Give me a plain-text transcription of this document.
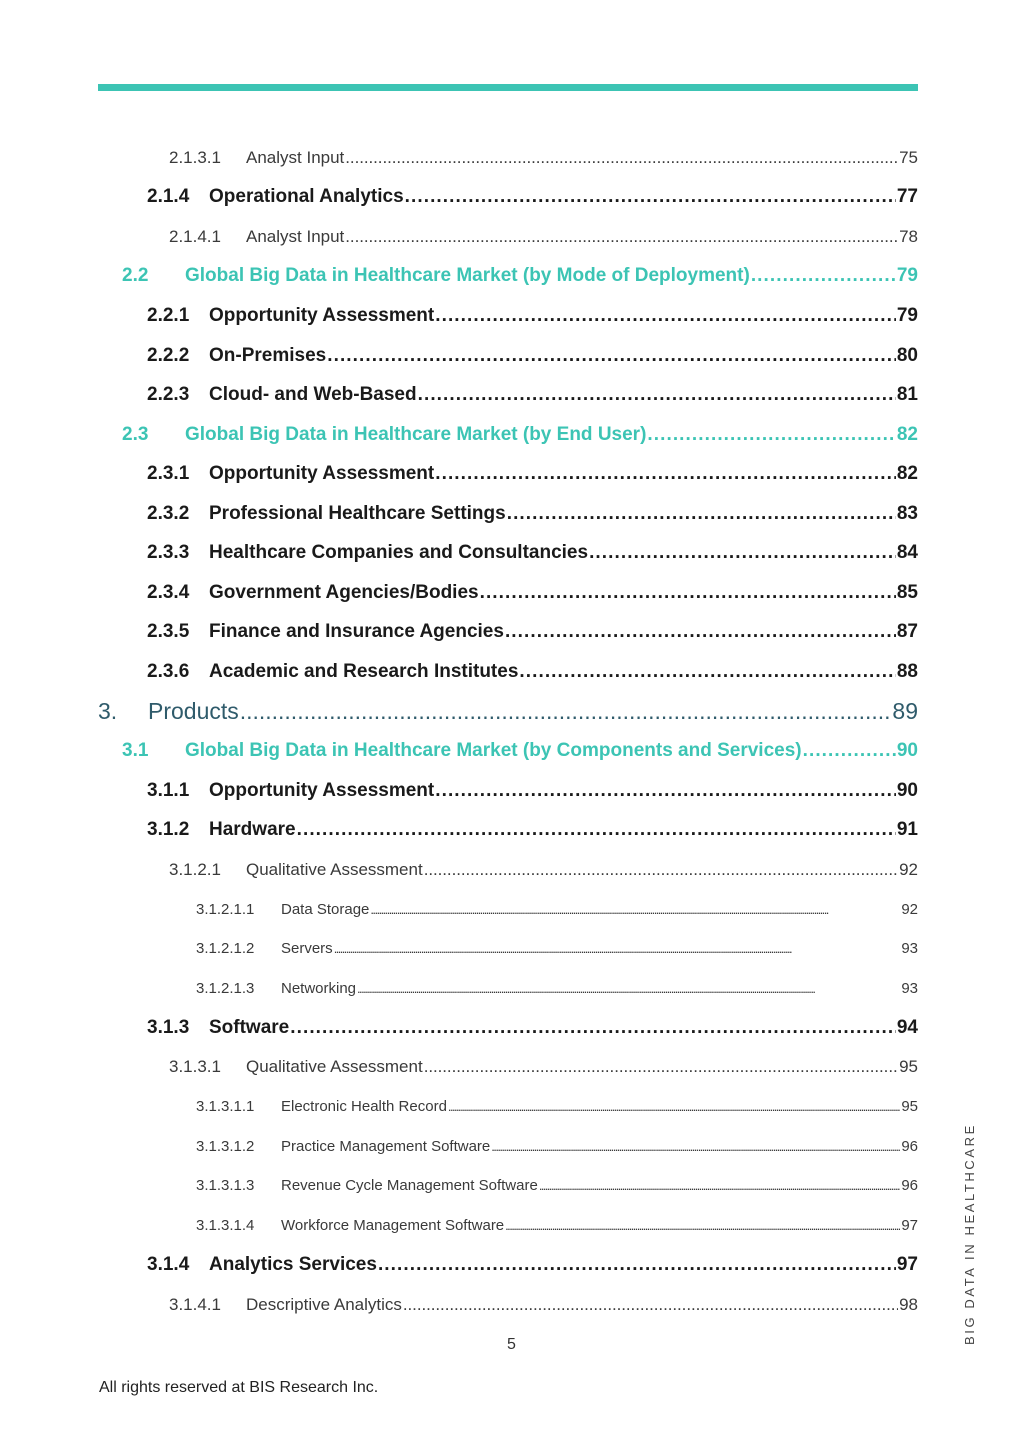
2.1.3.1	Analyst Input . . .	75
2.1.4	Operational Analytics . . .	77
2.1.4.1	Analyst Input . . .	78
2.2	Global Big Data in Healthcare Market (by Mode of Deployment) . . .	79
2.2.1	Opportunity Assessment . . .	79
2.2.2	On-Premises . . .	80
2.2.3	Cloud- and Web-Based . . .	81
2.3	Global Big Data in Healthcare Market (by End User) . . .	82
2.3.1	Opportunity Assessment . . .	82
2.3.2	Professional Healthcare Settings . . .	83
2.3.3	Healthcare Companies and Consultancies . . .	84
2.3.4	Government Agencies/Bodies . . .	85
2.3.5	Finance and Insurance Agencies . . .	87
2.3.6	Academic and Research Institutes . . .	88
3.	Products . . .	89
3.1	Global Big Data in Healthcare Market (by Components and Services) . . .	90
3.1.1	Opportunity Assessment . . .	90
3.1.2	Hardware . . .	91
3.1.2.1	Qualitative Assessment . . .	92
3.1.2.1.1	Data Storage . . .	92
3.1.2.1.2	Servers . . .	93
3.1.2.1.3	Networking . . .	93
3.1.3	Software . . .	94
3.1.3.1	Qualitative Assessment . . .	95
3.1.3.1.1	Electronic Health Record . . .	95
3.1.3.1.2	Practice Management Software . . .	96
3.1.3.1.3	Revenue Cycle Management Software . . .	96
3.1.3.1.4	Workforce Management Software . . .	97
3.1.4	Analytics Services . . .	97
3.1.4.1	Descriptive Analytics . . .	98
5
All rights reserved at BIS Research Inc.
BIG DATA IN HEALTHCARE
